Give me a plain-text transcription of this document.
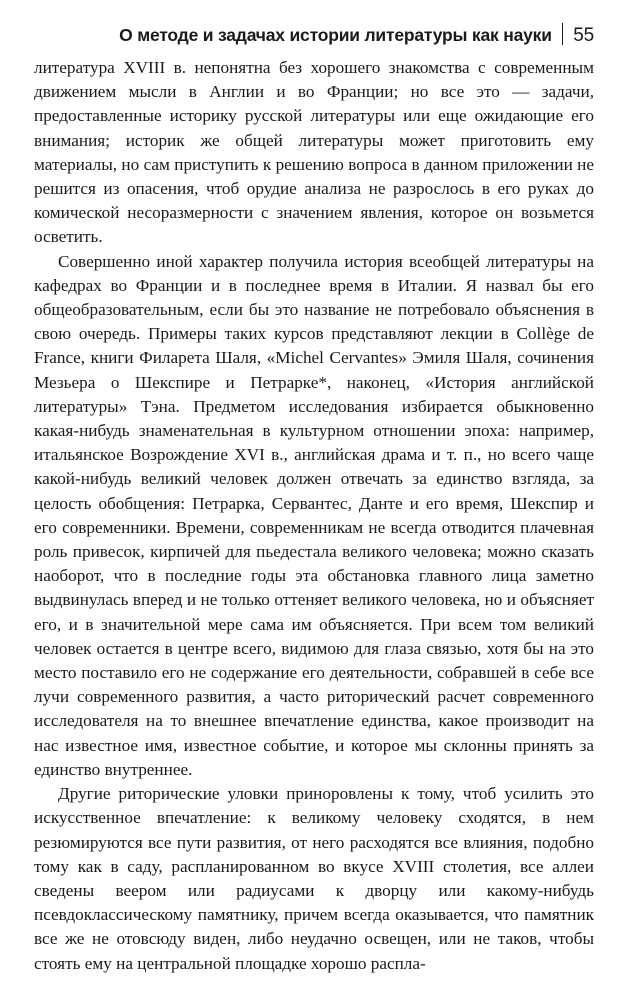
О методе и задачах истории литературы как науки 55

литература XVIII в. непонятна без хорошего знакомства с современным движением мысли в Англии и во Франции; но все это — задачи, предоставленные историку русской литературы или еще ожидающие его внимания; историк же общей литературы может приготовить ему материалы, но сам приступить к решению вопроса в данном приложении не решится из опасения, чтоб орудие анализа не разрослось в его руках до комической несоразмерности с значением явления, которое он возьмется осветить.

Совершенно иной характер получила история всеобщей литературы на кафедрах во Франции и в последнее время в Италии. Я назвал бы его общеобразовательным, если бы это название не потребовало объяснения в свою очередь. Примеры таких курсов представляют лекции в Collège de France, книги Филарета Шаля, «Michel Cervantes» Эмиля Шаля, сочинения Мезьера о Шекспире и Петрарке*, наконец, «История английской литературы» Тэна. Предметом исследования избирается обыкновенно какая-нибудь знаменательная в культурном отношении эпоха: например, итальянское Возрождение XVI в., английская драма и т. п., но всего чаще какой-нибудь великий человек должен отвечать за единство взгляда, за целость обобщения: Петрарка, Сервантес, Данте и его время, Шекспир и его современники. Времени, современникам не всегда отводится плачевная роль привесок, кирпичей для пьедестала великого человека; можно сказать наоборот, что в последние годы эта обстановка главного лица заметно выдвинулась вперед и не только оттеняет великого человека, но и объясняет его, и в значительной мере сама им объясняется. При всем том великий человек остается в центре всего, видимою для глаза связью, хотя бы на это место поставило его не содержание его деятельности, собравшей в себе все лучи современного развития, а часто риторический расчет современного исследователя на то внешнее впечатление единства, какое производит на нас известное имя, известное событие, и которое мы склонны принять за единство внутреннее.

Другие риторические уловки приноровлены к тому, чтоб усилить это искусственное впечатление: к великому человеку сходятся, в нем резюмируются все пути развития, от него расходятся все влияния, подобно тому как в саду, распланированном во вкусе XVIII столетия, все аллеи сведены веером или радиусами к дворцу или какому-нибудь псевдоклассическому памятнику, причем всегда оказывается, что памятник все же не отовсюду виден, либо неудачно освещен, или не таков, чтобы стоять ему на центральной площадке хорошо распла-
